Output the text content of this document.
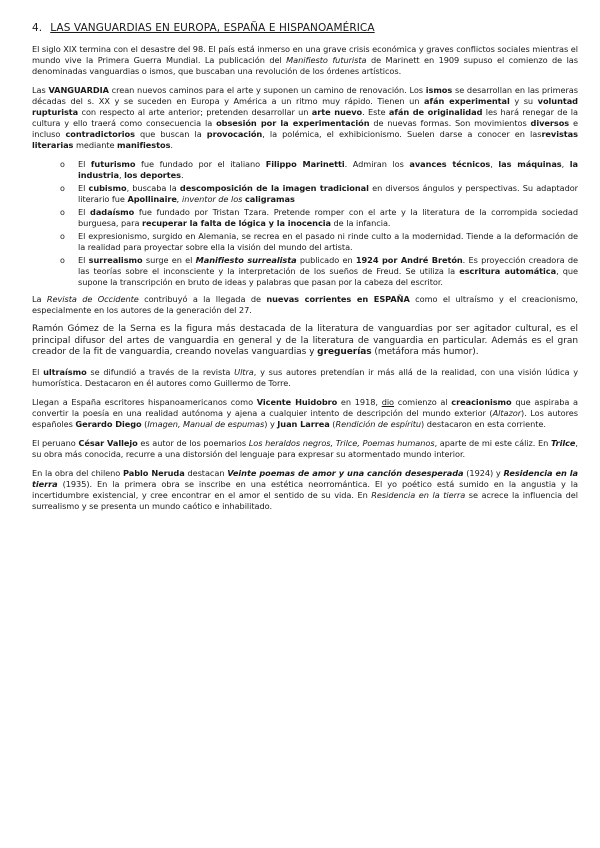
4. LAS VANGUARDIAS EN EUROPA, ESPAÑA E HISPANOAMÉRICA

El siglo XIX termina con el desastre del 98. El país está inmerso en una grave crisis económica y graves conflictos sociales mientras el mundo vive la Primera Guerra Mundial. La publicación del Manifiesto futurista de Marinett en 1909 supuso el comienzo de las denominadas vanguardias o ismos, que buscaban una revolución de los órdenes artísticos.

Las VANGUARDIA crean nuevos caminos para el arte y suponen un camino de renovación. Los ismos se desarrollan en las primeras décadas del s. XX y se suceden en Europa y América a un ritmo muy rápido. Tienen un afán experimental y su voluntad rupturista con respecto al arte anterior; pretenden desarrollar un arte nuevo. Este afán de originalidad les hará renegar de la cultura y ello traerá como consecuencia la obsesión por la experimentación de nuevas formas. Son movimientos diversos e incluso contradictorios que buscan la provocación, la polémica, el exhibicionismo. Suelen darse a conocer en lasrevistas literarias mediante manifiestos.

o El futurismo fue fundado por el italiano Filippo Marinetti. Admiran los avances técnicos, las máquinas, la industria, los deportes.
o El cubismo, buscaba la descomposición de la imagen tradicional en diversos ángulos y perspectivas. Su adaptador literario fue Apollinaire, inventor de los caligramas
o El dadaísmo fue fundado por Tristan Tzara. Pretende romper con el arte y la literatura de la corrompida sociedad burguesa, para recuperar la falta de lógica y la inocencia de la infancia.
o El expresionismo, surgido en Alemania, se recrea en el pasado ni rinde culto a la modernidad. Tiende a la deformación de la realidad para proyectar sobre ella la visión del mundo del artista.
o El surrealismo surge en el Manifiesto surrealista publicado en 1924 por André Bretón. Es proyección creadora de las teorías sobre el inconsciente y la interpretación de los sueños de Freud. Se utiliza la escritura automática, que supone la transcripción en bruto de ideas y palabras que pasan por la cabeza del escritor.

La Revista de Occidente contribuyó a la llegada de nuevas corrientes en ESPAÑA como el ultraísmo y el creacionismo, especialmente en los autores de la generación del 27.

Ramón Gómez de la Serna es la figura más destacada de la literatura de vanguardias por ser agitador cultural, es el principal difusor del artes de vanguardia en general y de la literatura de vanguardia en particular. Además es el gran creador de la fit de vanguardia, creando novelas vanguardias y greguerías (metáfora más humor).

El ultraísmo se difundió a través de la revista Ultra, y sus autores pretendían ir más allá de la realidad, con una visión lúdica y humorística. Destacaron en él autores como Guillermo de Torre.

Llegan a España escritores hispanoamericanos como Vicente Huidobro en 1918, dio comienzo al creacionismo que aspiraba a convertir la poesía en una realidad autónoma y ajena a cualquier intento de descripción del mundo exterior (Altazor). Los autores españoles Gerardo Diego (Imagen, Manual de espumas) y Juan Larrea (Rendición de espíritu) destacaron en esta corriente.

El peruano César Vallejo es autor de los poemarios Los heraldos negros, Trilce, Poemas humanos, aparte de mi este cáliz. En Trilce, su obra más conocida, recurre a una distorsión del lenguaje para expresar su atormentado mundo interior.

En la obra del chileno Pablo Neruda destacan Veinte poemas de amor y una canción desesperada (1924) y Residencia en la tierra (1935). En la primera obra se inscribe en una estética neorromántica. El yo poético está sumido en la angustia y la incertidumbre existencial, y cree encontrar en el amor el sentido de su vida. En Residencia en la tierra se acrece la influencia del surrealismo y se presenta un mundo caótico e inhabilitado.
